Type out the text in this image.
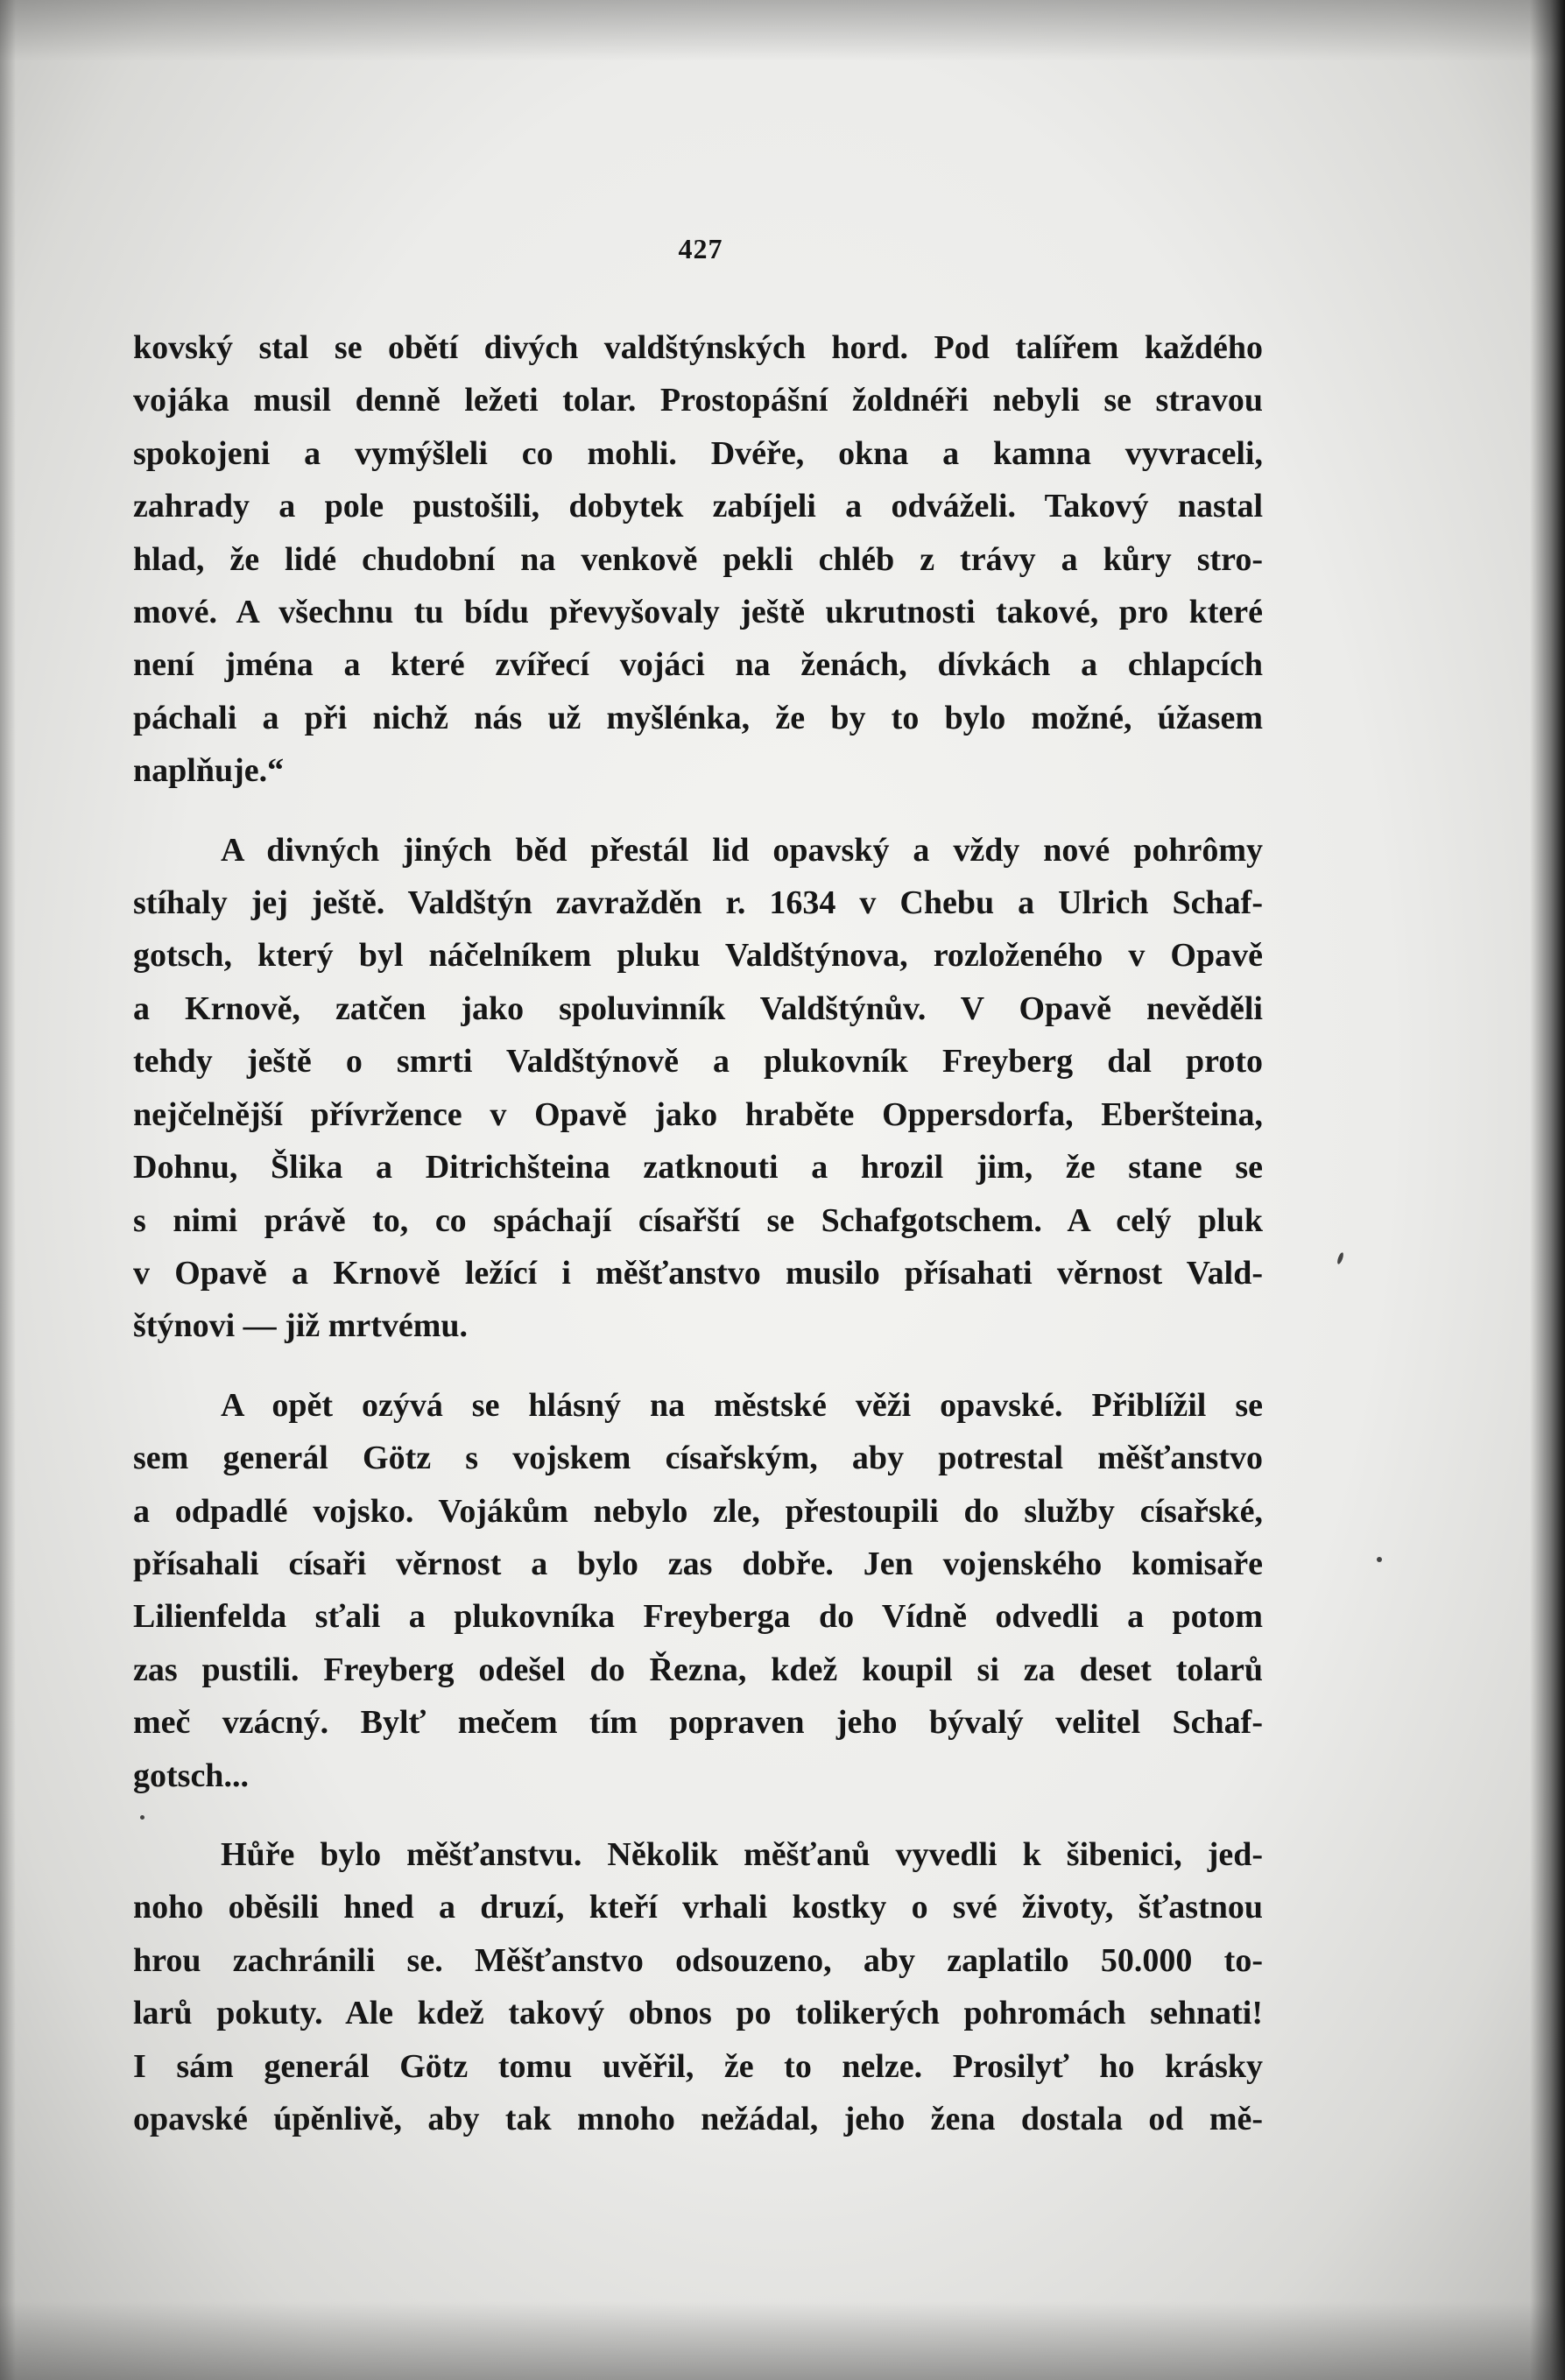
427
kovský stal se obětí divých valdštýnských hord. Pod talířem každého
vojáka musil denně ležeti tolar. Prostopášní žoldnéři nebyli se stravou
spokojeni a vymýšleli co mohli. Dvéře, okna a kamna vyvraceli,
zahrady a pole pustošili, dobytek zabíjeli a odváželi. Takový nastal
hlad, že lidé chudobní na venkově pekli chléb z trávy a kůry stro-
mové. A všechnu tu bídu převyšovaly ještě ukrutnosti takové, pro které
není jména a které zvířecí vojáci na ženách, dívkách a chlapcích
páchali a při nichž nás už myšlénka, že by to bylo možné, úžasem
naplňuje.“
A divných jiných běd přestál lid opavský a vždy nové pohrômy
stíhaly jej ještě. Valdštýn zavražděn r. 1634 v Chebu a Ulrich Schaf-
gotsch, který byl náčelníkem pluku Valdštýnova, rozloženého v Opavě
a Krnově, zatčen jako spoluvinník Valdštýnův. V Opavě nevěděli
tehdy ještě o smrti Valdštýnově a plukovník Freyberg dal proto
nejčelnější přívržence v Opavě jako hraběte Oppersdorfa, Eberšteina,
Dohnu, Šlika a Ditrichšteina zatknouti a hrozil jim, že stane se
s nimi právě to, co spáchají císařští se Schafgotschem. A celý pluk
v Opavě a Krnově ležící i měšťanstvo musilo přísahati věrnost Vald-
štýnovi — již mrtvému.
A opět ozývá se hlásný na městské věži opavské. Přiblížil se
sem generál Götz s vojskem císařským, aby potrestal měšťanstvo
a odpadlé vojsko. Vojákům nebylo zle, přestoupili do služby císařské,
přísahali císaři věrnost a bylo zas dobře. Jen vojenského komisaře
Lilienfelda sťali a plukovníka Freyberga do Vídně odvedli a potom
zas pustili. Freyberg odešel do Řezna, kdež koupil si za deset tolarů
meč vzácný. Bylť mečem tím popraven jeho bývalý velitel Schaf-
gotsch...
Hůře bylo měšťanstvu. Několik měšťanů vyvedli k šibenici, jed-
noho oběsili hned a druzí, kteří vrhali kostky o své životy, šťastnou
hrou zachránili se. Měšťanstvo odsouzeno, aby zaplatilo 50.000 to-
larů pokuty. Ale kdež takový obnos po tolikerých pohromách sehnati!
I sám generál Götz tomu uvěřil, že to nelze. Prosilyť ho krásky
opavské úpěnlivě, aby tak mnoho nežádal, jeho žena dostala od mě-
